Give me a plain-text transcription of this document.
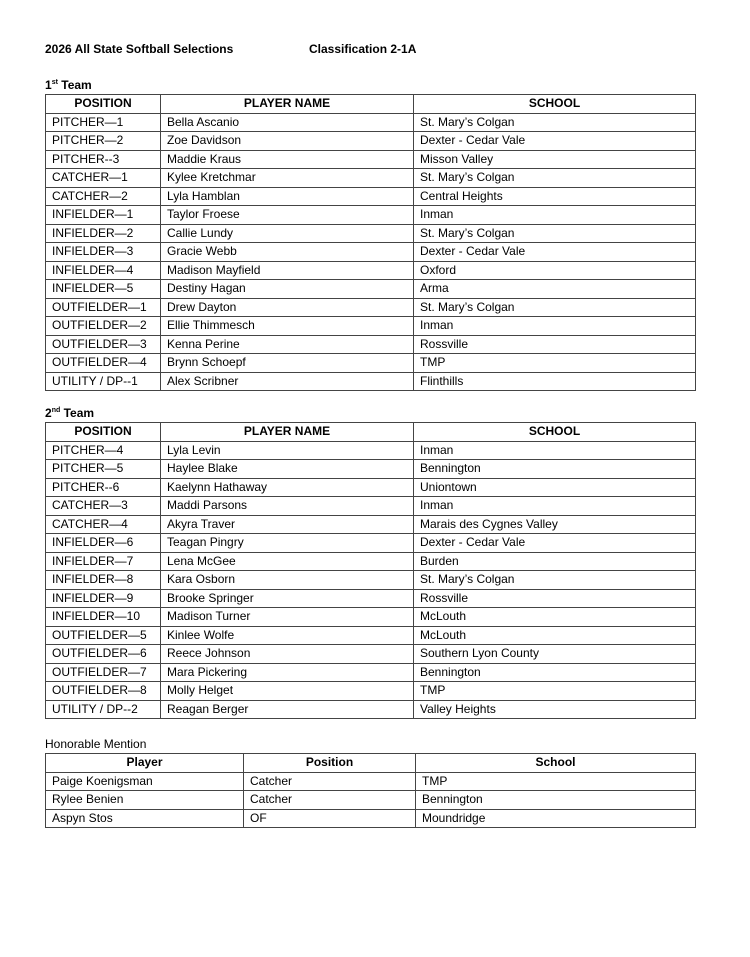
2026 All State Softball Selections	Classification 2-1A
1st Team
POSITION	PLAYER NAME	SCHOOL
PITCHER—1	Bella Ascanio	St. Mary’s Colgan
PITCHER—2	Zoe Davidson	Dexter - Cedar Vale
PITCHER--3	Maddie Kraus	Misson Valley
CATCHER—1	Kylee Kretchmar	St. Mary’s Colgan
CATCHER—2	Lyla Hamblan	Central Heights
INFIELDER—1	Taylor Froese	Inman
INFIELDER—2	Callie Lundy	St. Mary’s Colgan
INFIELDER—3	Gracie Webb	Dexter - Cedar Vale
INFIELDER—4	Madison Mayfield	Oxford
INFIELDER—5	Destiny Hagan	Arma
OUTFIELDER—1	Drew Dayton	St. Mary’s Colgan
OUTFIELDER—2	Ellie Thimmesch	Inman
OUTFIELDER—3	Kenna Perine	Rossville
OUTFIELDER—4	Brynn Schoepf	TMP
UTILITY / DP--1	Alex Scribner	Flinthills
2nd Team
POSITION	PLAYER NAME	SCHOOL
PITCHER—4	Lyla Levin	Inman
PITCHER—5	Haylee Blake	Bennington
PITCHER--6	Kaelynn Hathaway	Uniontown
CATCHER—3	Maddi Parsons	Inman
CATCHER—4	Akyra Traver	Marais des Cygnes Valley
INFIELDER—6	Teagan Pingry	Dexter - Cedar Vale
INFIELDER—7	Lena McGee	Burden
INFIELDER—8	Kara Osborn	St. Mary’s Colgan
INFIELDER—9	Brooke Springer	Rossville
INFIELDER—10	Madison Turner	McLouth
OUTFIELDER—5	Kinlee Wolfe	McLouth
OUTFIELDER—6	Reece Johnson	Southern Lyon County
OUTFIELDER—7	Mara Pickering	Bennington
OUTFIELDER—8	Molly Helget	TMP
UTILITY / DP--2	Reagan Berger	Valley Heights
Honorable Mention
Player	Position	School
Paige Koenigsman	Catcher	TMP
Rylee Benien	Catcher	Bennington
Aspyn Stos	OF	Moundridge
